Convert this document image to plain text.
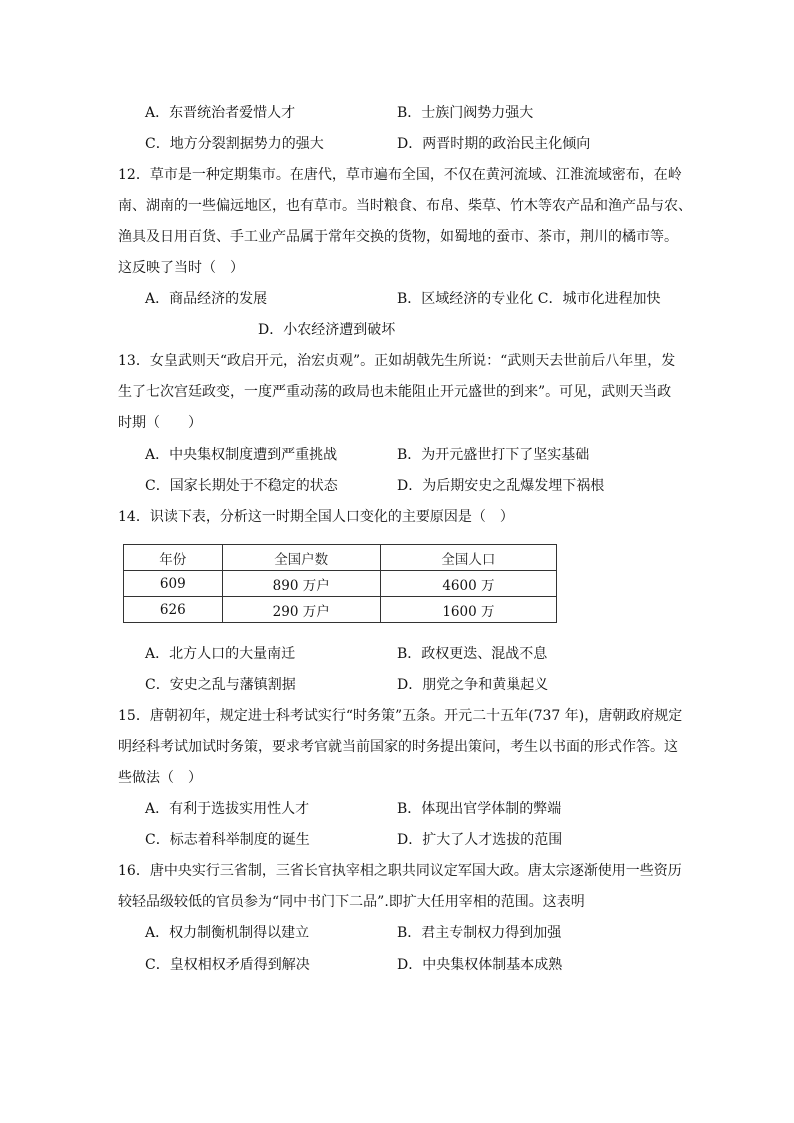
A．东晋统治者爱惜人才	B．士族门阀势力强大
C．地方分裂割据势力的强大	D．两晋时期的政治民主化倾向
12．草市是一种定期集市。在唐代，草市遍布全国，不仅在黄河流域、江淮流域密布，在岭
南、湖南的一些偏远地区，也有草市。当时粮食、布帛、柴草、竹木等农产品和渔产品与农、
渔具及日用百货、手工业产品属于常年交换的货物，如蜀地的蚕市、茶市，荆川的橘市等。
这反映了当时（　）
A．商品经济的发展	B．区域经济的专业化 C．城市化进程加快
D．小农经济遭到破坏
13．女皇武则天“政启开元，治宏贞观”。正如胡戟先生所说：“武则天去世前后八年里，发
生了七次宫廷政变，一度严重动荡的政局也未能阻止开元盛世的到来”。可见，武则天当政
时期（　　）
A．中央集权制度遭到严重挑战	B．为开元盛世打下了坚实基础
C．国家长期处于不稳定的状态	D．为后期安史之乱爆发埋下祸根
14．识读下表，分析这一时期全国人口变化的主要原因是（　）
年份	全国户数	全国人口
609	890 万户	4600 万
626	290 万户	1600 万
A．北方人口的大量南迁	B．政权更迭、混战不息
C．安史之乱与藩镇割据	D．朋党之争和黄巢起义
15．唐朝初年，规定进士科考试实行“时务策”五条。开元二十五年(737 年)，唐朝政府规定
明经科考试加试时务策，要求考官就当前国家的时务提出策问，考生以书面的形式作答。这
些做法（　）
A．有利于选拔实用性人才	B．体现出官学体制的弊端
C．标志着科举制度的诞生	D．扩大了人才选拔的范围
16．唐中央实行三省制，三省长官执宰相之职共同议定军国大政。唐太宗逐渐使用一些资历
较轻品级较低的官员参为“同中书门下二品”.即扩大任用宰相的范围。这表明
A．权力制衡机制得以建立	B．君主专制权力得到加强
C．皇权相权矛盾得到解决	D．中央集权体制基本成熟
